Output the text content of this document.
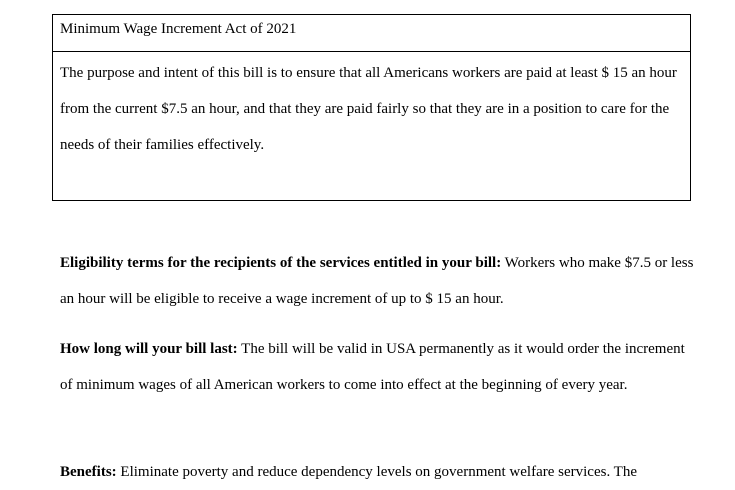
Minimum Wage Increment Act of 2021
The purpose and intent of this bill is to ensure that all Americans workers are paid at least $ 15 an hour from the current $7.5 an hour, and that they are paid fairly so that they are in a position to care for the needs of their families effectively.
Eligibility terms for the recipients of the services entitled in your bill: Workers who make $7.5 or less an hour will be eligible to receive a wage increment of up to $ 15 an hour.
How long will your bill last: The bill will be valid in USA permanently as it would order the increment of minimum wages of all American workers to come into effect at the beginning of every year.
Benefits: Eliminate poverty and reduce dependency levels on government welfare services. The
